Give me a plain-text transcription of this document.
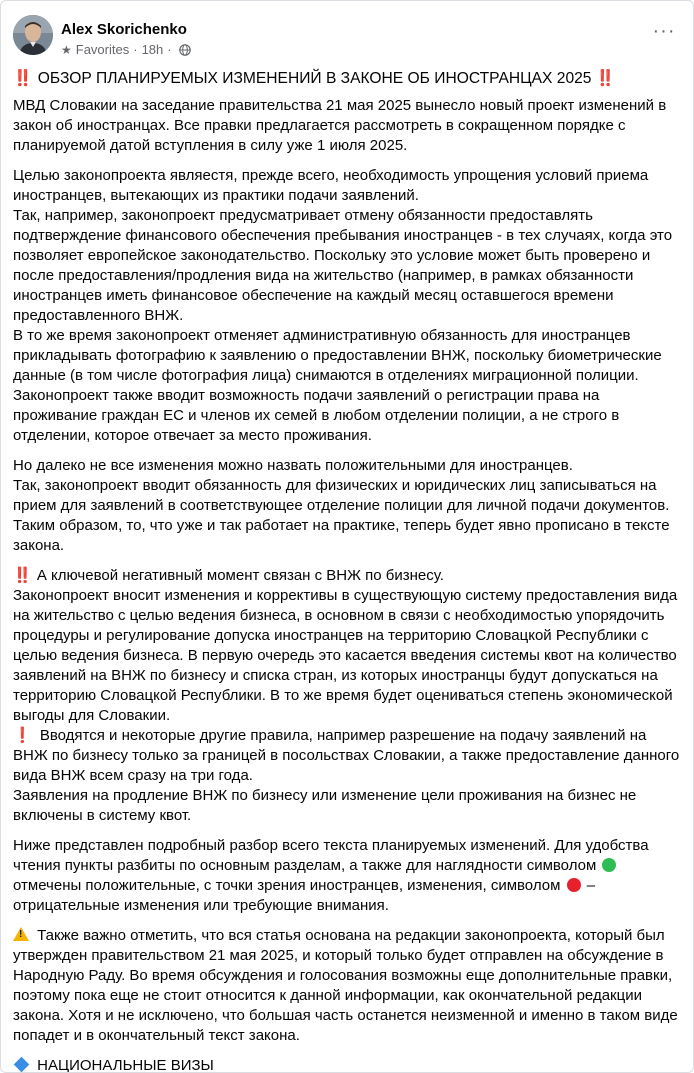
Alex Skorichenko
★ Favorites · 18h ·
···

‼️ ОБЗОР ПЛАНИРУЕМЫХ ИЗМЕНЕНИЙ В ЗАКОНЕ ОБ ИНОСТРАНЦАХ 2025 ‼️

МВД Словакии на заседание правительства 21 мая 2025 вынесло новый проект изменений в закон об иностранцах. Все правки предлагается рассмотреть в сокращенном порядке с планируемой датой вступления в силу уже 1 июля 2025.

Целью законопроекта являестя, прежде всего, необходимость упрощения условий приема иностранцев, вытекающих из практики подачи заявлений.

Так, например, законопроект предусматривает отмену обязанности предоставлять подтверждение финансового обеспечения пребывания иностранцев - в тех случаях, когда это позволяет европейское законодательство. Поскольку это условие может быть проверено и после предоставления/продления вида на жительство (например, в рамках обязанности иностранцев иметь финансовое обеспечение на каждый месяц оставшегося времени предоставленного ВНЖ.

В то же время законопроект отменяет административную обязанность для иностранцев прикладывать фотографию к заявлению о предоставлении ВНЖ, поскольку биометрические данные (в том числе фотография лица) снимаются в отделениях миграционной полиции.

Законопроект также вводит возможность подачи заявлений о регистрации права на проживание граждан ЕС и членов их семей в любом отделении полиции, а не строго в отделении, которое отвечает за место проживания.

Но далеко не все изменения можно назвать положительными для иностранцев.

Так, законопроект вводит обязанность для физических и юридических лиц записываться на прием для заявлений в соответствующее отделение полиции для личной подачи документов. Таким образом, то, что уже и так работает на практике, теперь будет явно прописано в тексте закона.

‼️ А ключевой негативный момент связан с ВНЖ по бизнесу.

Законопроект вносит изменения и коррективы в существующую систему предоставления вида на жительство с целью ведения бизнеса, в основном в связи с необходимостью упорядочить процедуры и регулирование допуска иностранцев на территорию Словацкой Республики с целью ведения бизнеса. В первую очередь это касается введения системы квот на количество заявлений на ВНЖ по бизнесу и списка стран, из которых иностранцы будут допускаться на территорию Словацкой Республики. В то же время будет оцениваться степень экономической выгоды для Словакии.

❗ Вводятся и некоторые другие правила, например разрешение на подачу заявлений на ВНЖ по бизнесу только за границей в посольствах Словакии, а также предоставление данного вида ВНЖ всем сразу на три года.

Заявления на продление ВНЖ по бизнесу или изменение цели проживания на бизнес не включены в систему квот.

Ниже представлен подробный разбор всего текста планируемых изменений. Для удобства чтения пункты разбиты по основным разделам, а также для наглядности символом  отмечены положительные, с точки зрения иностранцев, изменения, символом – отрицательные изменения или требующие внимания.

! Также важно отметить, что вся статья основана на редакции законопроекта, который был утвержден правительством 21 мая 2025, и который только будет отправлен на обсуждение в Народную Раду. Во время обсуждения и голосования возможны еще дополнительные правки, поэтому пока еще не стоит относится к данной информации, как окончательной редакции закона. Хотя и не исключено, что большая часть останется неизменной и именно в таком виде попадет и в окончательный текст закона.

НАЦИОНАЛЬНЫЕ ВИЗЫ
